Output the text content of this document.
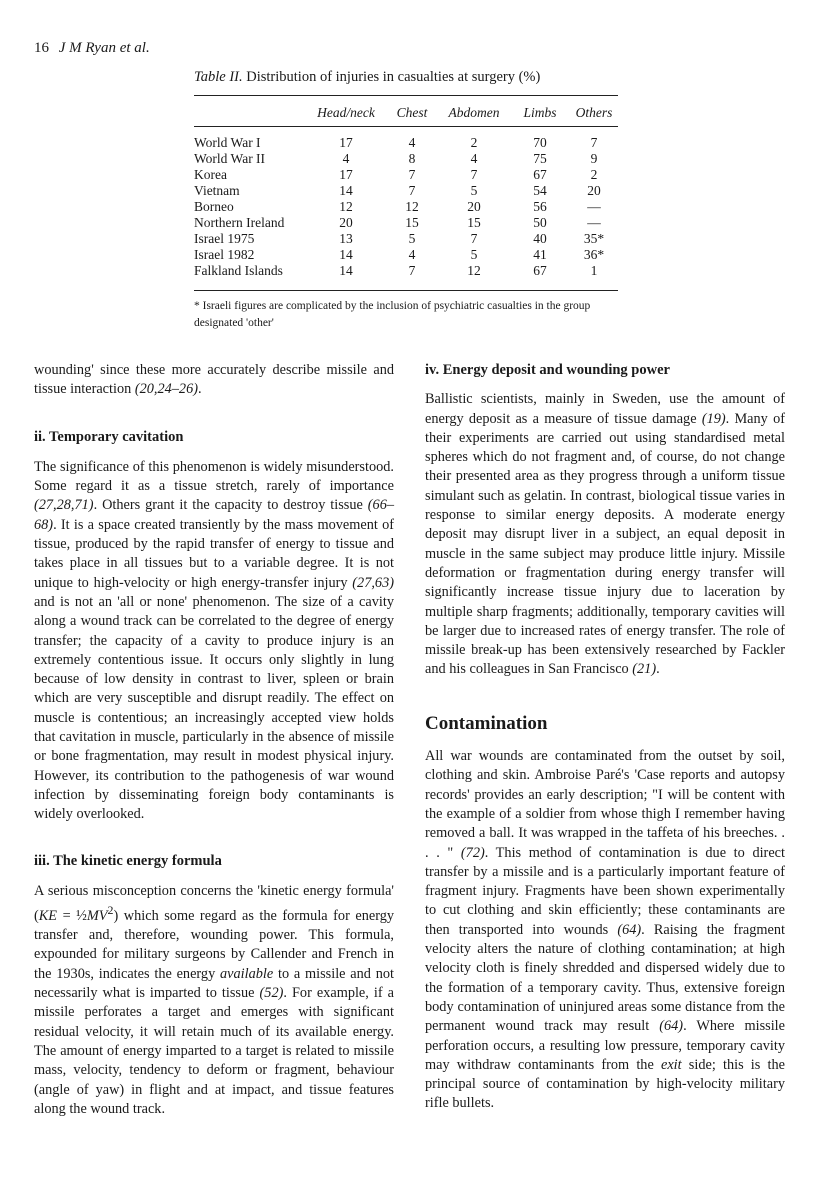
16 J M Ryan et al.
Table II. Distribution of injuries in casualties at surgery (%)
	Head/neck	Chest	Abdomen	Limbs	Others

World War I	17	4	2	70	7
World War II	4	8	4	75	9
Korea	17	7	7	67	2
Vietnam	14	7	5	54	20
Borneo	12	12	20	56	—
Northern Ireland	20	15	15	50	—
Israel 1975	13	5	7	40	35*
Israel 1982	14	4	5	41	36*
Falkland Islands	14	7	12	67	1
* Israeli figures are complicated by the inclusion of psychiatric casualties in the group designated 'other'

wounding' since these more accurately describe missile and tissue interaction (20,24–26).

ii. Temporary cavitation

The significance of this phenomenon is widely misunderstood. Some regard it as a tissue stretch, rarely of importance (27,28,71). Others grant it the capacity to destroy tissue (66–68). It is a space created transiently by the mass movement of tissue, produced by the rapid transfer of energy to tissue and takes place in all tissues but to a variable degree. It is not unique to high-velocity or high energy-transfer injury (27,63) and is not an 'all or none' phenomenon. The size of a cavity along a wound track can be correlated to the degree of energy transfer; the capacity of a cavity to produce injury is an extremely contentious issue. It occurs only slightly in lung because of low density in contrast to liver, spleen or brain which are very susceptible and disrupt readily. The effect on muscle is contentious; an increasingly accepted view holds that cavitation in muscle, particularly in the absence of missile or bone fragmentation, may result in modest physical injury. However, its contribution to the pathogenesis of war wound infection by disseminating foreign body contaminants is widely overlooked.

iii. The kinetic energy formula

A serious misconception concerns the 'kinetic energy formula' $(KE = \frac{1}{2}MV^2)$ which some regard as the formula for energy transfer and, therefore, wounding power. This formula, expounded for military surgeons by Callender and French in the 1930s, indicates the energy available to a missile and not necessarily what is imparted to tissue (52). For example, if a missile perforates a target and emerges with significant residual velocity, it will retain much of its available energy. The amount of energy imparted to a target is related to missile mass, velocity, tendency to deform or fragment, behaviour (angle of yaw) in flight and at impact, and tissue features along the wound track.

iv. Energy deposit and wounding power

Ballistic scientists, mainly in Sweden, use the amount of energy deposit as a measure of tissue damage (19). Many of their experiments are carried out using standardised metal spheres which do not fragment and, of course, do not change their presented area as they progress through a uniform tissue simulant such as gelatin. In contrast, biological tissue varies in response to similar energy deposits. A moderate energy deposit may disrupt liver in a subject, an equal deposit in muscle in the same subject may produce little injury. Missile deformation or fragmentation during energy transfer will significantly increase tissue injury due to laceration by multiple sharp fragments; additionally, temporary cavities will be larger due to increased rates of energy transfer. The role of missile break-up has been extensively researched by Fackler and his colleagues in San Francisco (21).

Contamination

All war wounds are contaminated from the outset by soil, clothing and skin. Ambroise Paré's 'Case reports and autopsy records' provides an early description; "I will be content with the example of a soldier from whose thigh I remember having removed a ball. It was wrapped in the taffeta of his breeches. . . . " (72). This method of contamination is due to direct transfer by a missile and is a particularly important feature of fragment injury. Fragments have been shown experimentally to cut clothing and skin efficiently; these contaminants are then transported into wounds (64). Raising the fragment velocity alters the nature of clothing contamination; at high velocity cloth is finely shredded and dispersed widely due to the formation of a temporary cavity. Thus, extensive foreign body contamination of uninjured areas some distance from the permanent wound track may result (64). Where missile perforation occurs, a resulting low pressure, temporary cavity may withdraw contaminants from the exit side; this is the principal source of contamination by high-velocity military rifle bullets.
